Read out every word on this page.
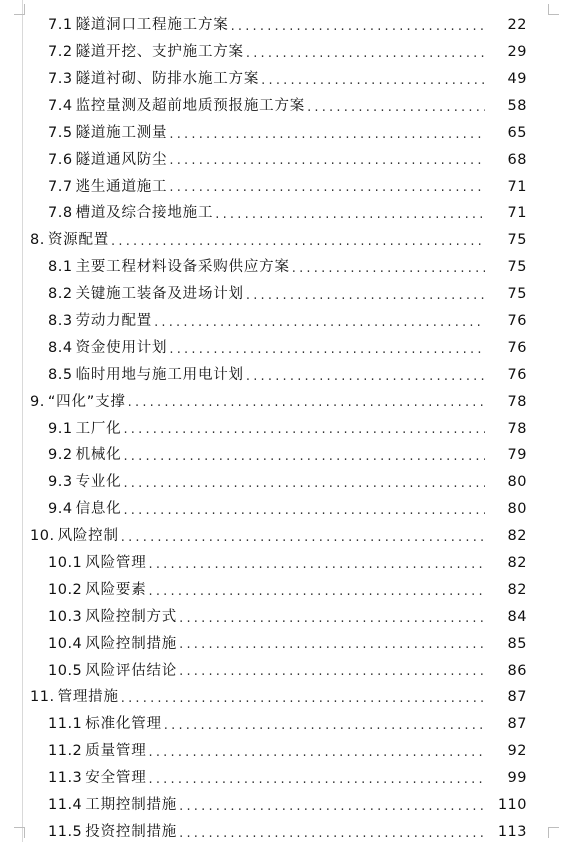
7.1 隧道洞口工程施工方案 .....	22
7.2 隧道开挖、支护施工方案 .....	29
7.3 隧道衬砌、防排水施工方案 .....	49
7.4 监控量测及超前地质预报施工方案 .....	58
7.5 隧道施工测量 .....	65
7.6 隧道通风防尘 .....	68
7.7 逃生通道施工 .....	71
7.8 槽道及综合接地施工 .....	71
8. 资源配置 .....	75
8.1 主要工程材料设备采购供应方案 .....	75
8.2 关键施工装备及进场计划 .....	75
8.3 劳动力配置 .....	76
8.4 资金使用计划 .....	76
8.5 临时用地与施工用电计划 .....	76
9. “四化”支撑 .....	78
9.1 工厂化 .....	78
9.2 机械化 .....	79
9.3 专业化 .....	80
9.4 信息化 .....	80
10. 风险控制 .....	82
10.1 风险管理 .....	82
10.2 风险要素 .....	82
10.3 风险控制方式 .....	84
10.4 风险控制措施 .....	85
10.5 风险评估结论 .....	86
11. 管理措施 .....	87
11.1 标准化管理 .....	87
11.2 质量管理 .....	92
11.3 安全管理 .....	99
11.4 工期控制措施 .....	110
11.5 投资控制措施 .....	113
